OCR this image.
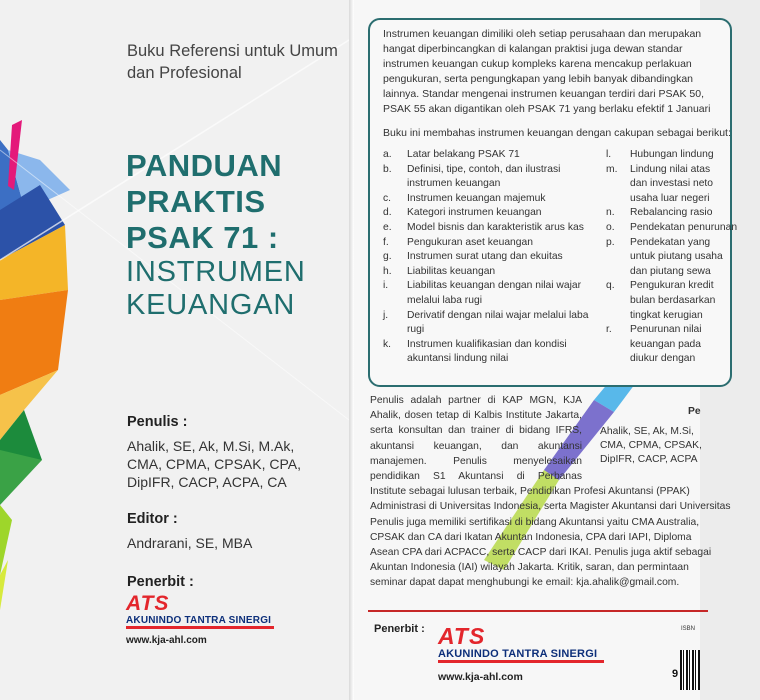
Buku Referensi untuk Umum dan Profesional
PANDUAN
PRAKTIS
PSAK 71 :
INSTRUMEN
KEUANGAN
Penulis :
Ahalik, SE, Ak, M.Si, M.Ak,
CMA, CPMA, CPSAK, CPA,
DipIFR, CACP, ACPA, CA
Editor :
Andrarani, SE, MBA
Penerbit :
ATS
AKUNINDO TANTRA SINERGI
www.kja-ahl.com
Instrumen keuangan dimiliki oleh setiap perusahaan dan merupakan
hangat diperbincangkan di kalangan praktisi juga dewan standar
instrumen keuangan cukup kompleks karena mencakup perlakuan
pengukuran, serta pengungkapan yang lebih banyak dibandingkan
lainnya. Standar mengenai instrumen keuangan terdiri dari PSAK 50,
PSAK 55 akan digantikan oleh PSAK 71 yang berlaku efektif 1 Januari
Buku ini membahas instrumen keuangan dengan cakupan sebagai berikut:
a.	Latar belakang PSAK 71
b.	Definisi, tipe, contoh, dan ilustrasi instrumen keuangan
c.	Instrumen keuangan majemuk
d.	Kategori instrumen keuangan
e.	Model bisnis dan karakteristik arus kas
f.	Pengukuran aset keuangan
g.	Instrumen surat utang dan ekuitas
h.	Liabilitas keuangan
i.	Liabilitas keuangan dengan nilai wajar melalui laba rugi
j.	Derivatif dengan nilai wajar melalui laba rugi
k.	Instrumen kualifikasian dan kondisi akuntansi lindung nilai
l.	Hubungan lindung
m.	Lindung nilai atas
dan investasi neto
usaha luar negeri
n.	Rebalancing rasio
o.	Pendekatan penurunan
p.	Pendekatan yang
untuk piutang usaha
dan piutang sewa
q.	Pengukuran kredit
bulan berdasarkan
tingkat kerugian
r.	Penurunan nilai
keuangan pada
diukur dengan
Penulis adalah partner di KAP MGN, KJA
Ahalik, dosen tetap di Kalbis Institute Jakarta,
serta konsultan dan trainer di bidang IFRS,
akuntansi keuangan, dan akuntansi
manajemen. Penulis menyelesaikan
pendidikan S1 Akuntansi di Perbanas
Institute sebagai lulusan terbaik, Pendidikan Profesi Akuntansi (PPAK)
Administrasi di Universitas Indonesia, serta Magister Akuntansi dari Universitas
Penulis juga memiliki sertifikasi di bidang Akuntansi yaitu CMA Australia,
CPSAK dan CA dari Ikatan Akuntan Indonesia, CPA dari IAPI, Diploma
Asean CPA dari ACPACC, serta CACP dari IKAI. Penulis juga aktif sebagai
Akuntan Indonesia (IAI) wilayah Jakarta. Kritik, saran, dan permintaan
seminar dapat dapat menghubungi ke email: kja.ahalik@gmail.com.
Pe
Ahalik, SE, Ak, M.Si,
CMA, CPMA, CPSAK,
DipIFR, CACP, ACPA
Penerbit : ATS
AKUNINDO TANTRA SINERGI
www.kja-ahl.com
ISBN
9
